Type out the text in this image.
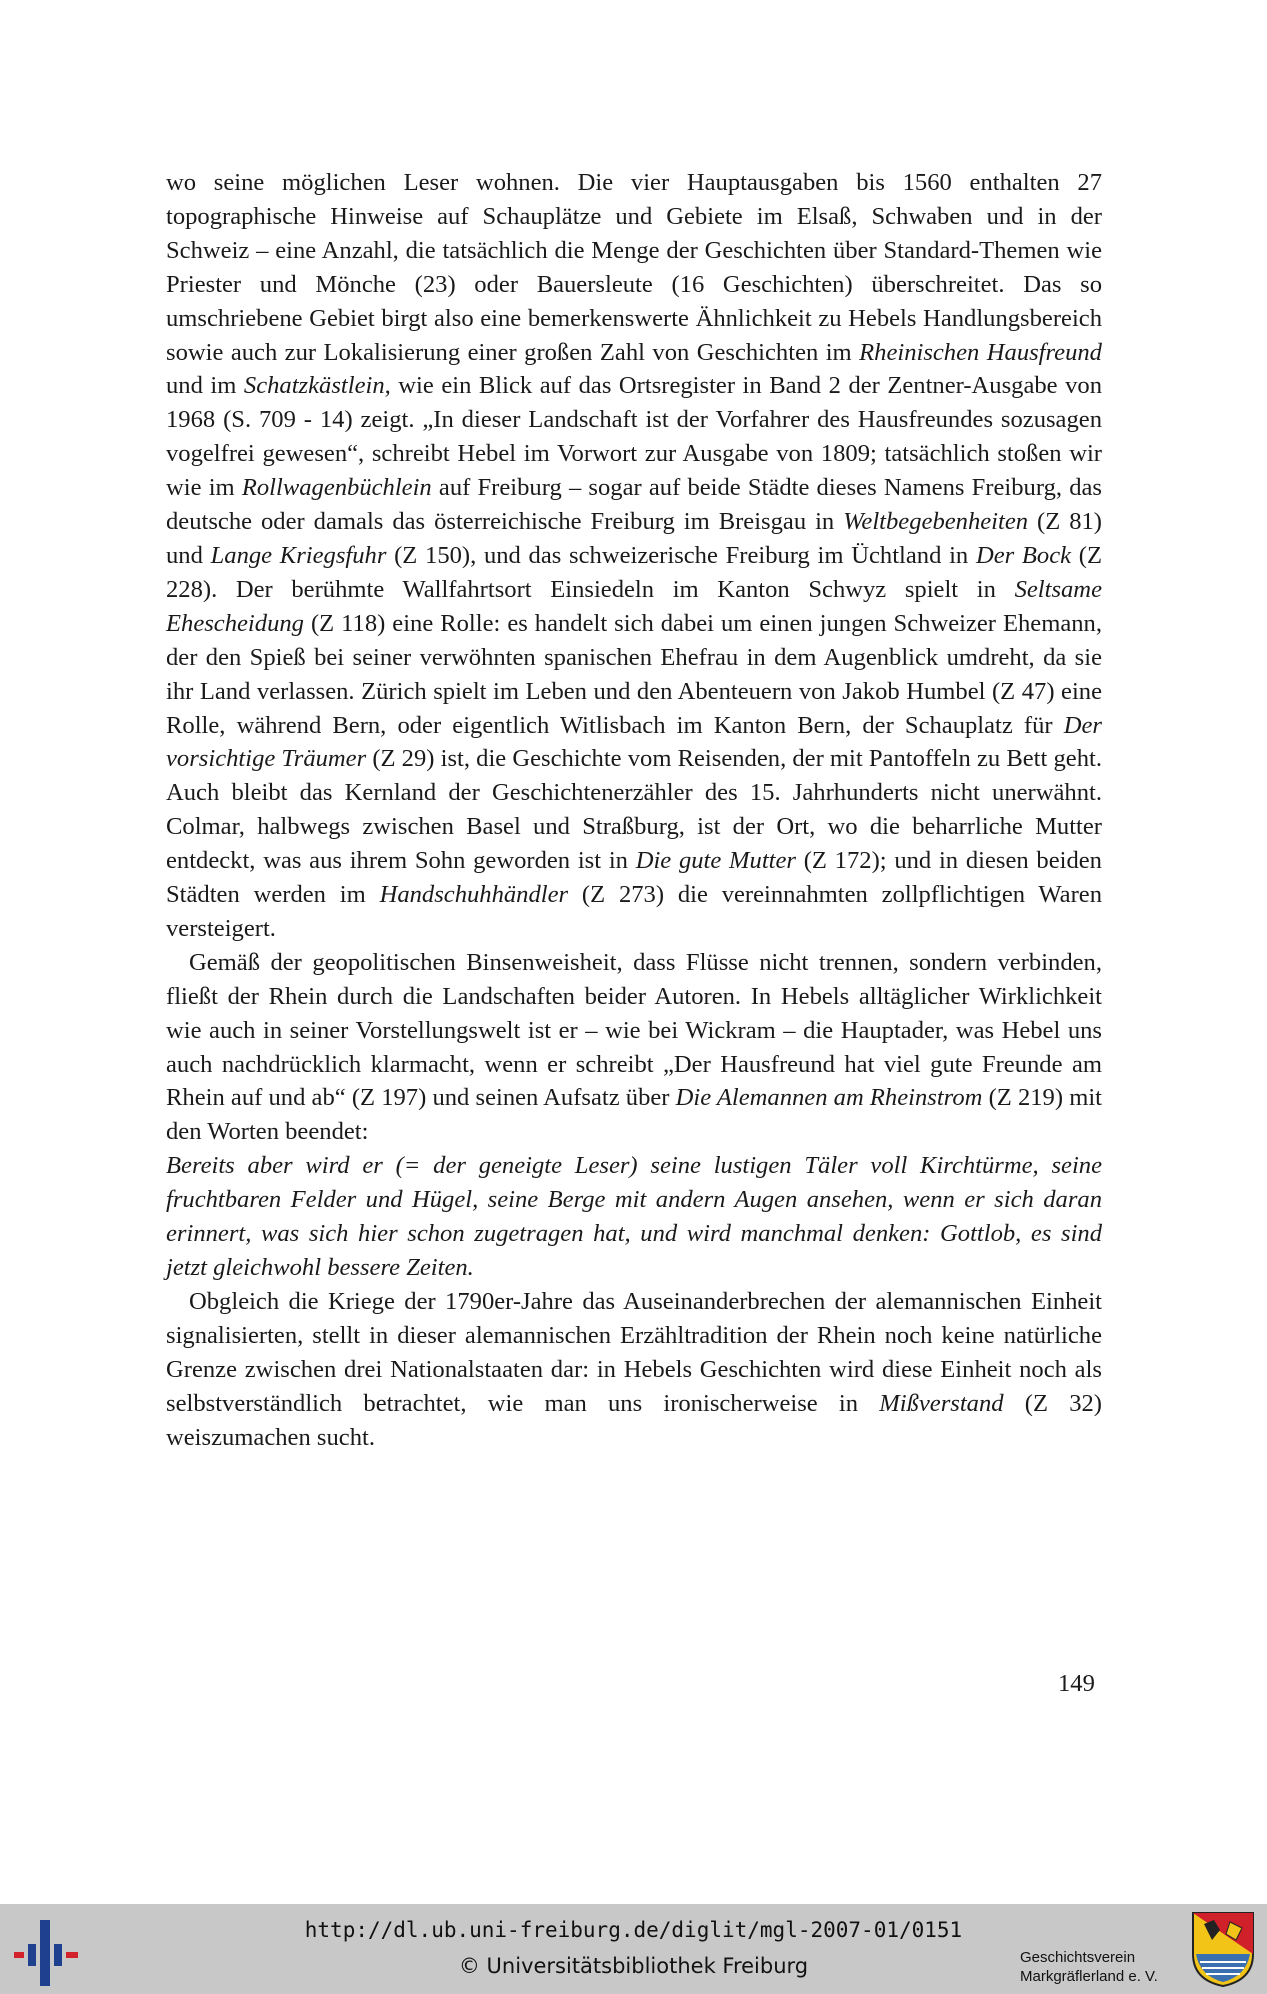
wo seine möglichen Leser wohnen. Die vier Hauptausgaben bis 1560 enthalten 27 topographische Hinweise auf Schauplätze und Gebiete im Elsaß, Schwaben und in der Schweiz – eine Anzahl, die tatsächlich die Menge der Geschichten über Standard-Themen wie Priester und Mönche (23) oder Bauersleute (16 Geschichten) überschreitet. Das so umschriebene Gebiet birgt also eine bemerkenswerte Ähnlichkeit zu Hebels Handlungsbereich sowie auch zur Lokalisierung einer großen Zahl von Geschichten im Rheinischen Hausfreund und im Schatzkästlein, wie ein Blick auf das Ortsregister in Band 2 der Zentner-Ausgabe von 1968 (S. 709 - 14) zeigt. „In dieser Landschaft ist der Vorfahrer des Hausfreundes sozusagen vogelfrei gewesen“, schreibt Hebel im Vorwort zur Ausgabe von 1809; tatsächlich stoßen wir wie im Rollwagenbüchlein auf Freiburg – sogar auf beide Städte dieses Namens Freiburg, das deutsche oder damals das österreichische Freiburg im Breisgau in Weltbegebenheiten (Z 81) und Lange Kriegsfuhr (Z 150), und das schweizerische Freiburg im Üchtland in Der Bock (Z 228). Der berühmte Wallfahrtsort Einsiedeln im Kanton Schwyz spielt in Seltsame Ehescheidung (Z 118) eine Rolle: es handelt sich dabei um einen jungen Schweizer Ehemann, der den Spieß bei seiner verwöhnten spanischen Ehefrau in dem Augenblick umdreht, da sie ihr Land verlassen. Zürich spielt im Leben und den Abenteuern von Jakob Humbel (Z 47) eine Rolle, während Bern, oder eigentlich Witlisbach im Kanton Bern, der Schauplatz für Der vorsichtige Träumer (Z 29) ist, die Geschichte vom Reisenden, der mit Pantoffeln zu Bett geht. Auch bleibt das Kernland der Geschichtenerzähler des 15. Jahrhunderts nicht unerwähnt. Colmar, halbwegs zwischen Basel und Straßburg, ist der Ort, wo die beharrliche Mutter entdeckt, was aus ihrem Sohn geworden ist in Die gute Mutter (Z 172); und in diesen beiden Städten werden im Handschuhhändler (Z 273) die vereinnahmten zollpflichtigen Waren versteigert.

Gemäß der geopolitischen Binsenweisheit, dass Flüsse nicht trennen, sondern verbinden, fließt der Rhein durch die Landschaften beider Autoren. In Hebels alltäglicher Wirklichkeit wie auch in seiner Vorstellungswelt ist er – wie bei Wickram – die Hauptader, was Hebel uns auch nachdrücklich klarmacht, wenn er schreibt „Der Hausfreund hat viel gute Freunde am Rhein auf und ab“ (Z 197) und seinen Aufsatz über Die Alemannen am Rheinstrom (Z 219) mit den Worten beendet:

Bereits aber wird er (= der geneigte Leser) seine lustigen Täler voll Kirchtürme, seine fruchtbaren Felder und Hügel, seine Berge mit andern Augen ansehen, wenn er sich daran erinnert, was sich hier schon zugetragen hat, und wird manchmal denken: Gottlob, es sind jetzt gleichwohl bessere Zeiten.

Obgleich die Kriege der 1790er-Jahre das Auseinanderbrechen der alemannischen Einheit signalisierten, stellt in dieser alemannischen Erzähltradition der Rhein noch keine natürliche Grenze zwischen drei Nationalstaaten dar: in Hebels Geschichten wird diese Einheit noch als selbstverständlich betrachtet, wie man uns ironischerweise in Mißverstand (Z 32) weiszumachen sucht.

149
http://dl.ub.uni-freiburg.de/diglit/mgl-2007-01/0151
© Universitätsbibliothek Freiburg	Geschichtsverein
Markgräflerland e. V.
